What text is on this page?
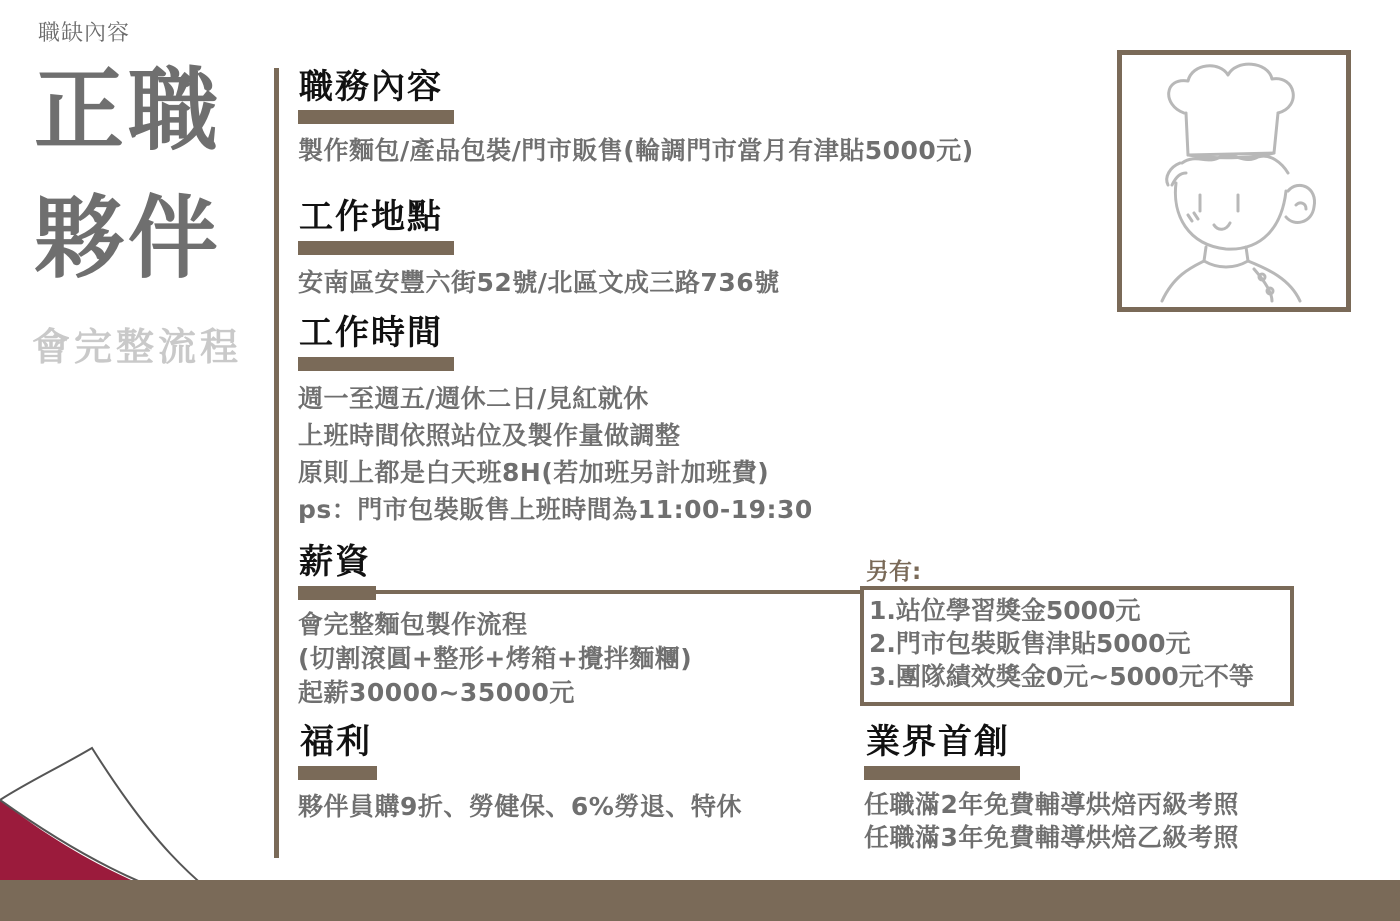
職缺內容
正職
夥伴
會完整流程
職務內容
製作麵包/產品包裝/門市販售(輪調門市當月有津貼5000元)
工作地點
安南區安豐六街52號/北區文成三路736號
工作時間
週一至週五/週休二日/見紅就休
上班時間依照站位及製作量做調整
原則上都是白天班8H(若加班另計加班費)
ps：門市包裝販售上班時間為11:00-19:30
薪資
會完整麵包製作流程
(切割滾圓+整形+烤箱+攪拌麵糰)
起薪30000~35000元
另有:
1.站位學習獎金5000元
2.門市包裝販售津貼5000元
3.團隊績效獎金0元~5000元不等
福利
夥伴員購9折、勞健保、6%勞退、特休
業界首創
任職滿2年免費輔導烘焙丙級考照
任職滿3年免費輔導烘焙乙級考照
